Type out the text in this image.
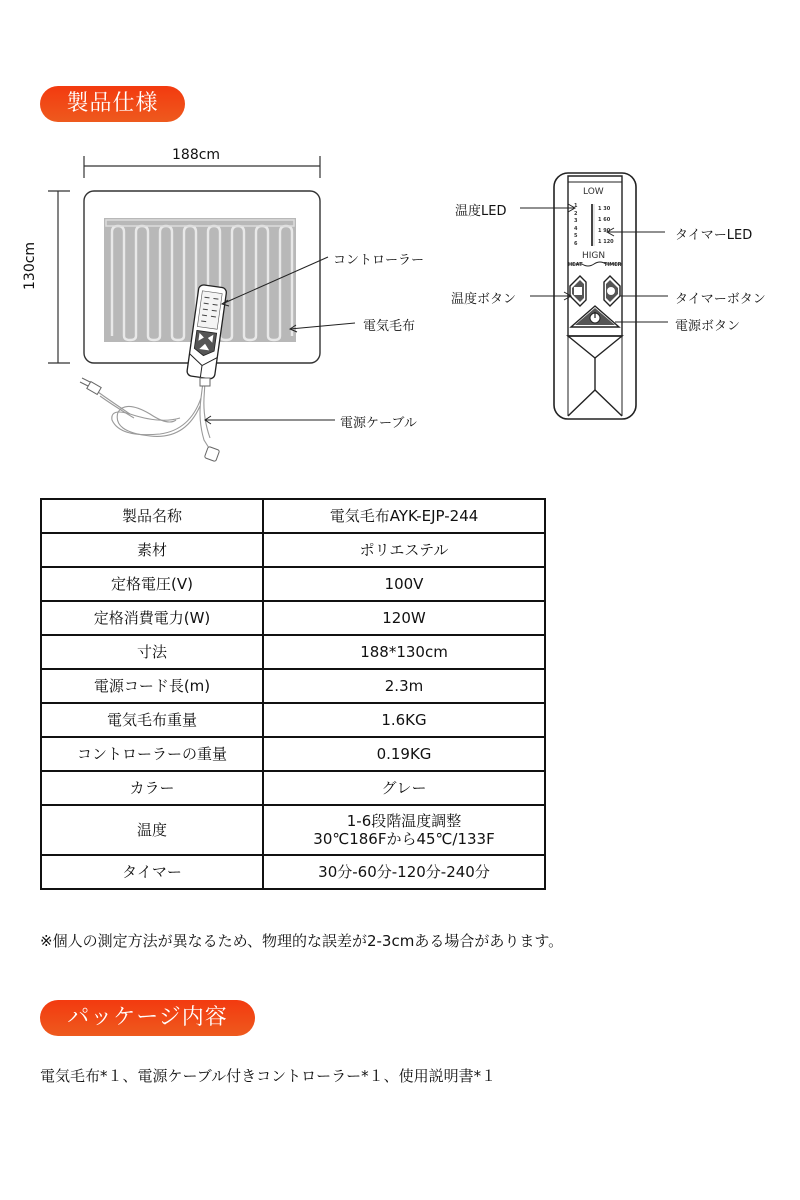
製品仕様
188cm
130cm	コントローラー
電気毛布
電源ケーブル
LOW
HIGN
HEAT	TIMER
1
2
3
4
5
6
1 30
1 60
1 90
1 120
温度LED
タイマーLED
温度ボタン	タイマーボタン
電源ボタン
製品名称	電気毛布AYK-EJP-244
素材	ポリエステル
定格電圧(V)	100V
定格消費電力(W)	120W
寸法	188*130cm
電源コード長(m)	2.3m
電気毛布重量	1.6KG
コントローラーの重量	0.19KG
カラー	グレー
温度	1-6段階温度調整
30℃186Fから45℃/133F

タイマー	30分-60分-120分-240分
※個人の測定方法が異なるため、物理的な誤差が2-3cmある場合があります。
パッケージ内容
電気毛布*１、電源ケーブル付きコントローラー*１、使用説明書*１
